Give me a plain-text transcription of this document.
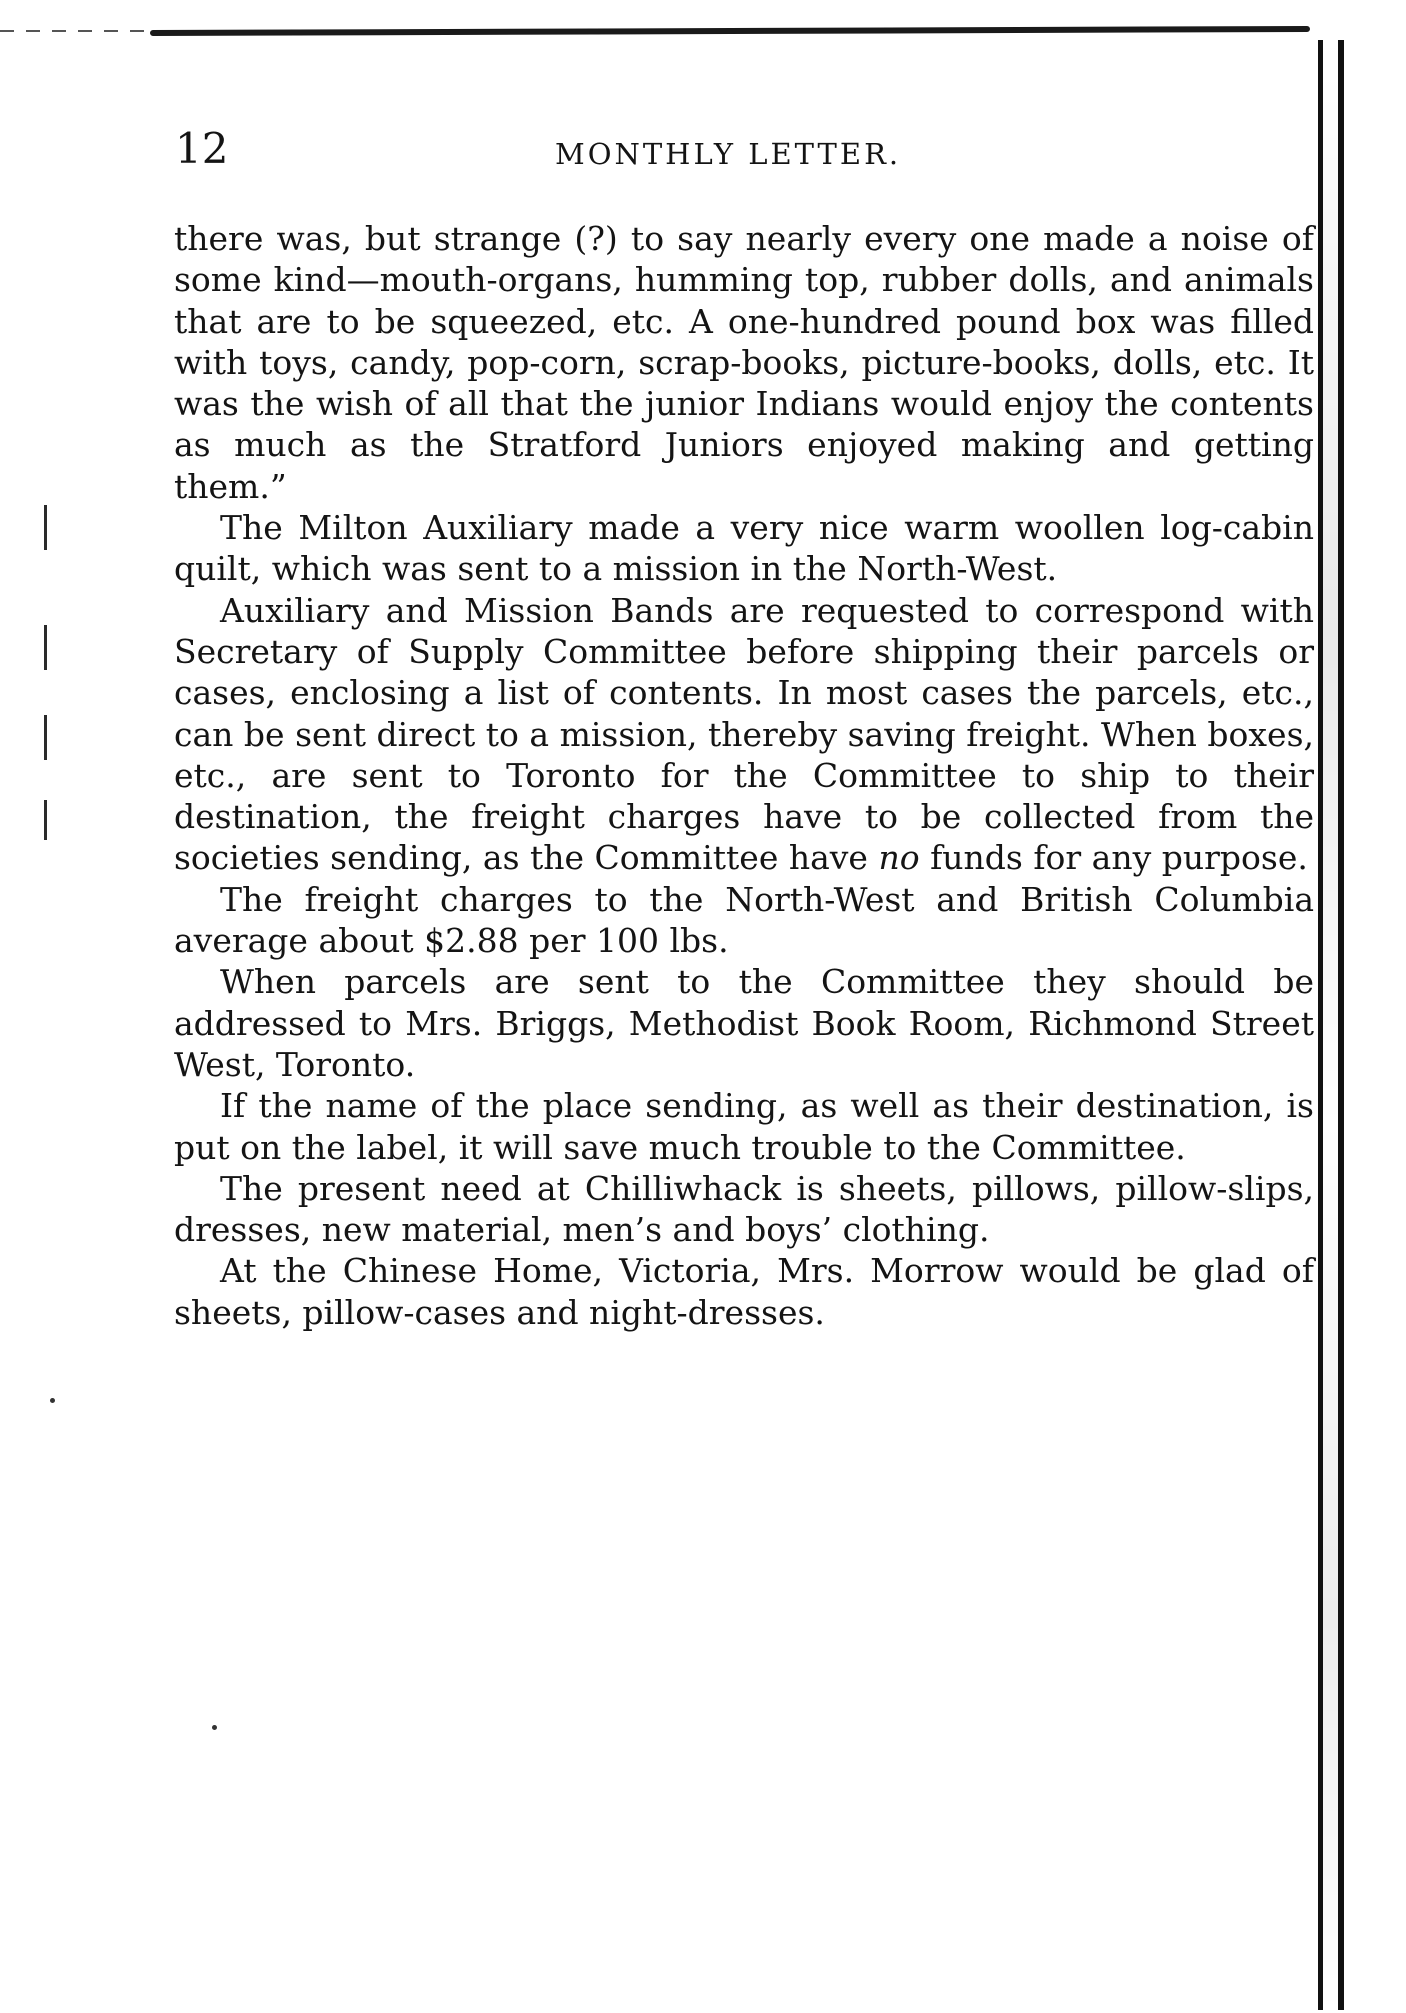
12	MONTHLY LETTER.

there was, but strange (?) to say nearly every one made a noise of some kind—mouth-organs, humming top, rubber dolls, and animals that are to be squeezed, etc. A one-hundred pound box was filled with toys, candy, pop-corn, scrap-books, picture-books, dolls, etc. It was the wish of all that the junior Indians would enjoy the contents as much as the Stratford Juniors enjoyed making and getting them.”

The Milton Auxiliary made a very nice warm woollen log-cabin quilt, which was sent to a mission in the North-West.

Auxiliary and Mission Bands are requested to correspond with Secretary of Supply Committee before shipping their parcels or cases, enclosing a list of contents. In most cases the parcels, etc., can be sent direct to a mission, thereby saving freight. When boxes, etc., are sent to Toronto for the Committee to ship to their destination, the freight charges have to be collected from the societies sending, as the Committee have no funds for any purpose.

The freight charges to the North-West and British Columbia average about $2.88 per 100 lbs.

When parcels are sent to the Committee they should be addressed to Mrs. Briggs, Methodist Book Room, Richmond Street West, Toronto.

If the name of the place sending, as well as their destination, is put on the label, it will save much trouble to the Committee.

The present need at Chilliwhack is sheets, pillows, pillow-slips, dresses, new material, men’s and boys’ clothing.

At the Chinese Home, Victoria, Mrs. Morrow would be glad of sheets, pillow-cases and night-dresses.
